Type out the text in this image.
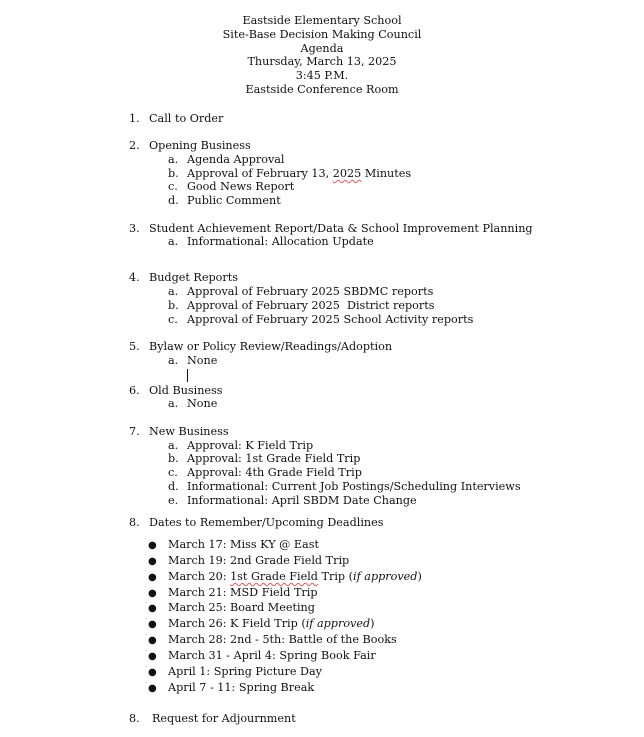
Eastside Elementary School
Site-Base Decision Making Council
Agenda
Thursday, March 13, 2025
3:45 P.M.
Eastside Conference Room
1. Call to Order
2. Opening Business
a. Agenda Approval
b. Approval of February 13, 2025 Minutes
c. Good News Report
d. Public Comment
3. Student Achievement Report/Data & School Improvement Planning
a. Informational: Allocation Update
4. Budget Reports
a. Approval of February 2025 SBDMC reports
b. Approval of February 2025  District reports
c. Approval of February 2025 School Activity reports
5. Bylaw or Policy Review/Readings/Adoption
a. None
6. Old Business
a. None
7. New Business
a. Approval: K Field Trip
b. Approval: 1st Grade Field Trip
c. Approval: 4th Grade Field Trip
d. Informational: Current Job Postings/Scheduling Interviews
e. Informational: April SBDM Date Change
8. Dates to Remember/Upcoming Deadlines
● March 17: Miss KY @ East
● March 19: 2nd Grade Field Trip
● March 20: 1st Grade Field Trip (if approved)
● March 21: MSD Field Trip
● March 25: Board Meeting
● March 26: K Field Trip (if approved)
● March 28: 2nd - 5th: Battle of the Books
● March 31 - April 4: Spring Book Fair
● April 1: Spring Picture Day
● April 7 - 11: Spring Break
8. Request for Adjournment
